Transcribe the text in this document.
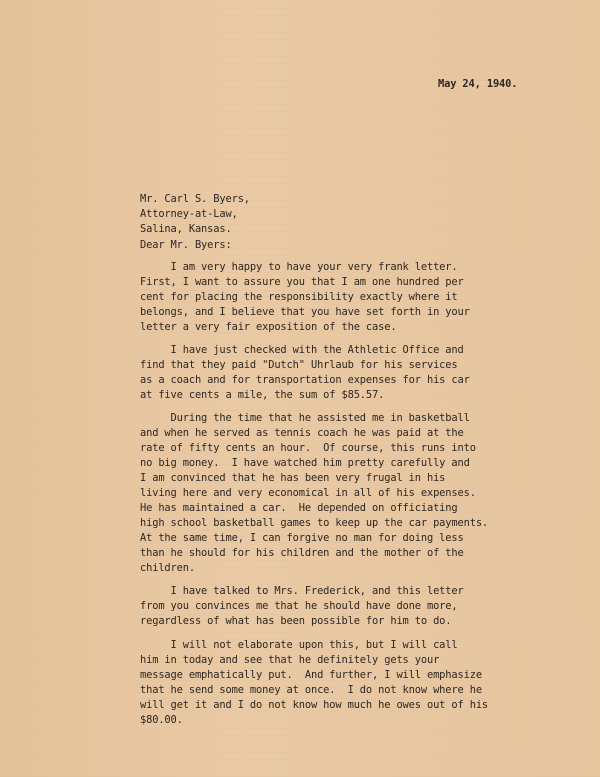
May 24, 1940.
Mr. Carl S. Byers,
Attorney-at-Law,
Salina, Kansas.
Dear Mr. Byers:
I am very happy to have your very frank letter.
First, I want to assure you that I am one hundred per
cent for placing the responsibility exactly where it
belongs, and I believe that you have set forth in your
letter a very fair exposition of the case.
I have just checked with the Athletic Office and
find that they paid "Dutch" Uhrlaub for his services
as a coach and for transportation expenses for his car
at five cents a mile, the sum of $85.57.
During the time that he assisted me in basketball
and when he served as tennis coach he was paid at the
rate of fifty cents an hour.  Of course, this runs into
no big money.  I have watched him pretty carefully and
I am convinced that he has been very frugal in his
living here and very economical in all of his expenses.
He has maintained a car.  He depended on officiating
high school basketball games to keep up the car payments.
At the same time, I can forgive no man for doing less
than he should for his children and the mother of the
children.
I have talked to Mrs. Frederick, and this letter
from you convinces me that he should have done more,
regardless of what has been possible for him to do.
I will not elaborate upon this, but I will call
him in today and see that he definitely gets your
message emphatically put.  And further, I will emphasize
that he send some money at once.  I do not know where he
will get it and I do not know how much he owes out of his
$80.00.
